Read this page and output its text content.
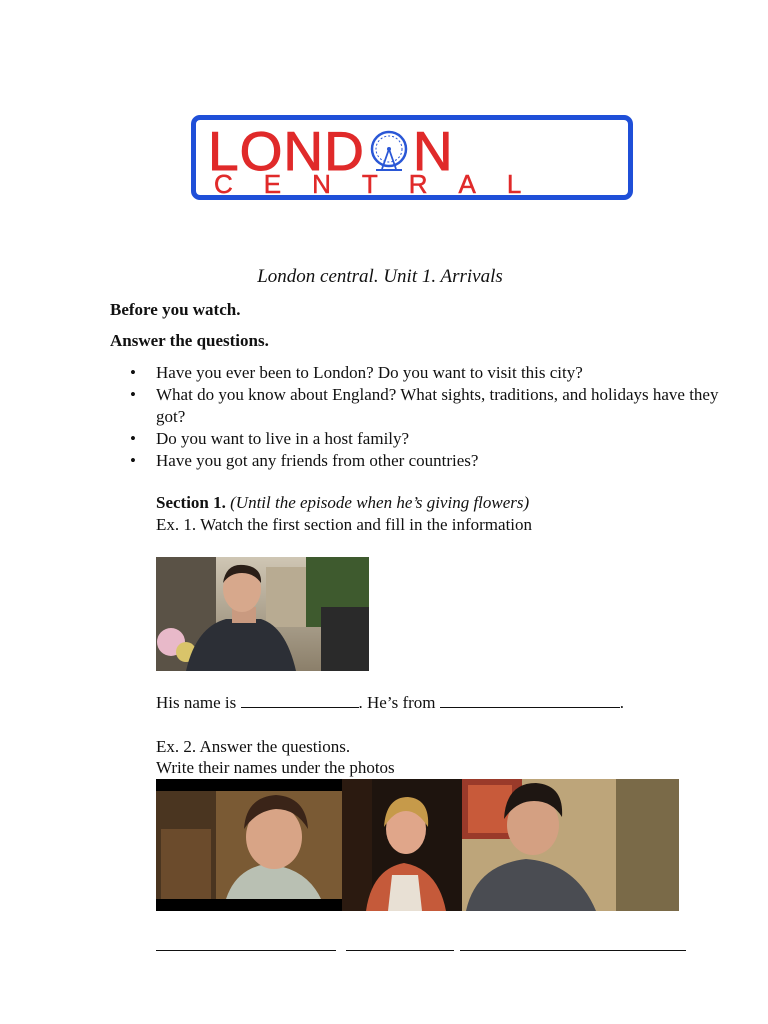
LOND N
CENTRAL
London central. Unit 1. Arrivals
Before you watch.
Answer the questions.
• Have you ever been to London? Do you want to visit this city?
• What do you know about England? What sights, traditions, and holidays have they got?
• Do you want to live in a host family?
• Have you got any friends from other countries?
Section 1. (Until the episode when he’s giving flowers)
Ex. 1. Watch the first section and fill in the information
His name is	. He’s from	.
Ex. 2. Answer the questions.
Write their names under the photos
